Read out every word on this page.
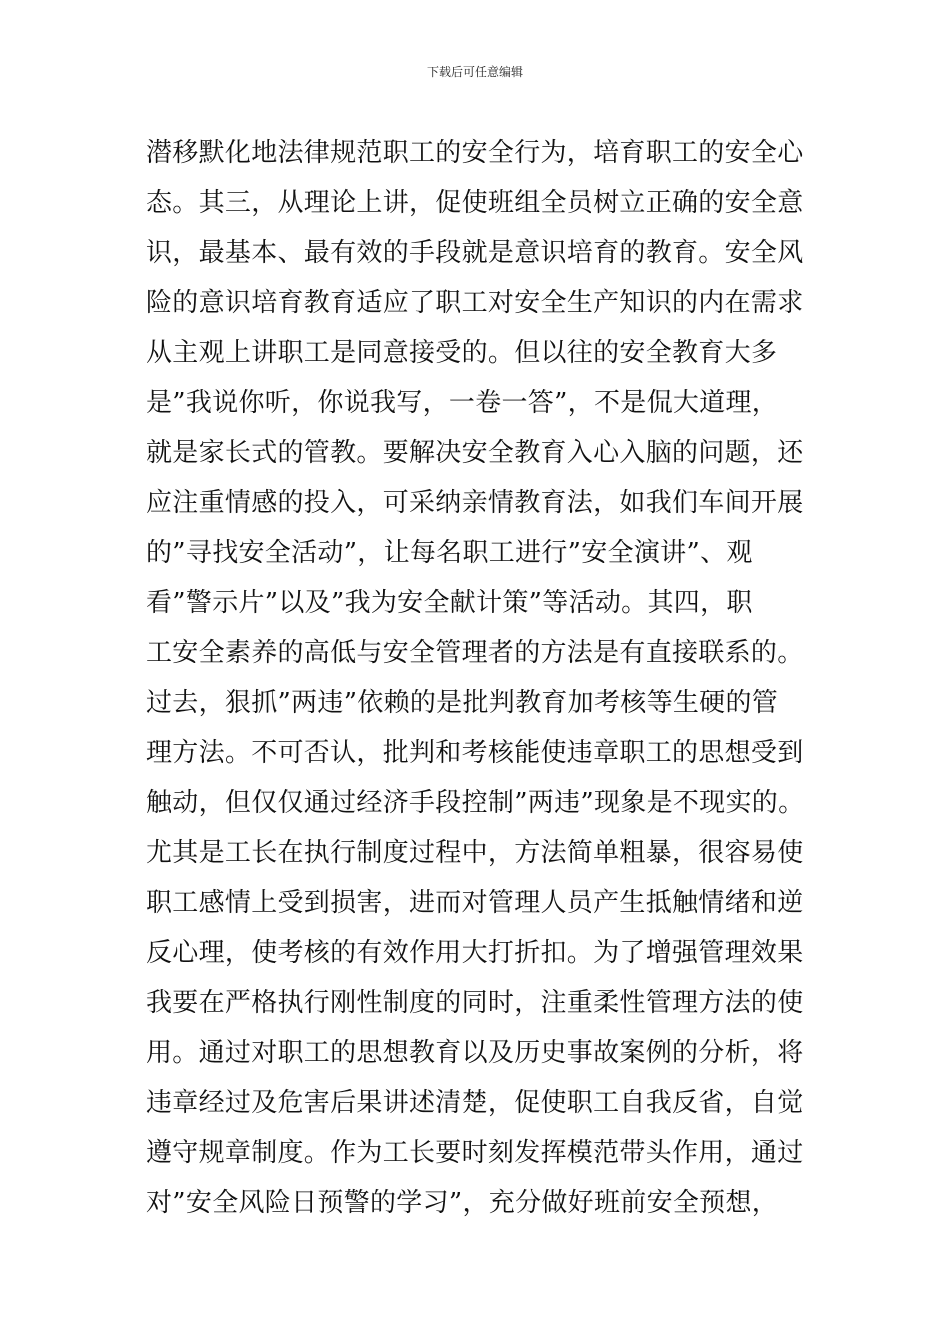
下载后可任意编辑
潜移默化地法律规范职工的安全行为，培育职工的安全心
态。其三，从理论上讲，促使班组全员树立正确的安全意
识，最基本、最有效的手段就是意识培育的教育。安全风
险的意识培育教育适应了职工对安全生产知识的内在需求
从主观上讲职工是同意接受的。但以往的安全教育大多
是”我说你听，你说我写，一卷一答”，不是侃大道理，
就是家长式的管教。要解决安全教育入心入脑的问题，还
应注重情感的投入，可采纳亲情教育法，如我们车间开展
的”寻找安全活动”，让每名职工进行”安全演讲”、观
看”警示片”以及”我为安全献计策”等活动。其四，职
工安全素养的高低与安全管理者的方法是有直接联系的。
过去，狠抓”两违”依赖的是批判教育加考核等生硬的管
理方法。不可否认，批判和考核能使违章职工的思想受到
触动，但仅仅通过经济手段控制”两违”现象是不现实的。
尤其是工长在执行制度过程中，方法简单粗暴，很容易使
职工感情上受到损害，进而对管理人员产生抵触情绪和逆
反心理，使考核的有效作用大打折扣。为了增强管理效果
我要在严格执行刚性制度的同时，注重柔性管理方法的使
用。通过对职工的思想教育以及历史事故案例的分析，将
违章经过及危害后果讲述清楚，促使职工自我反省，自觉
遵守规章制度。作为工长要时刻发挥模范带头作用，通过
对”安全风险日预警的学习”，充分做好班前安全预想，
